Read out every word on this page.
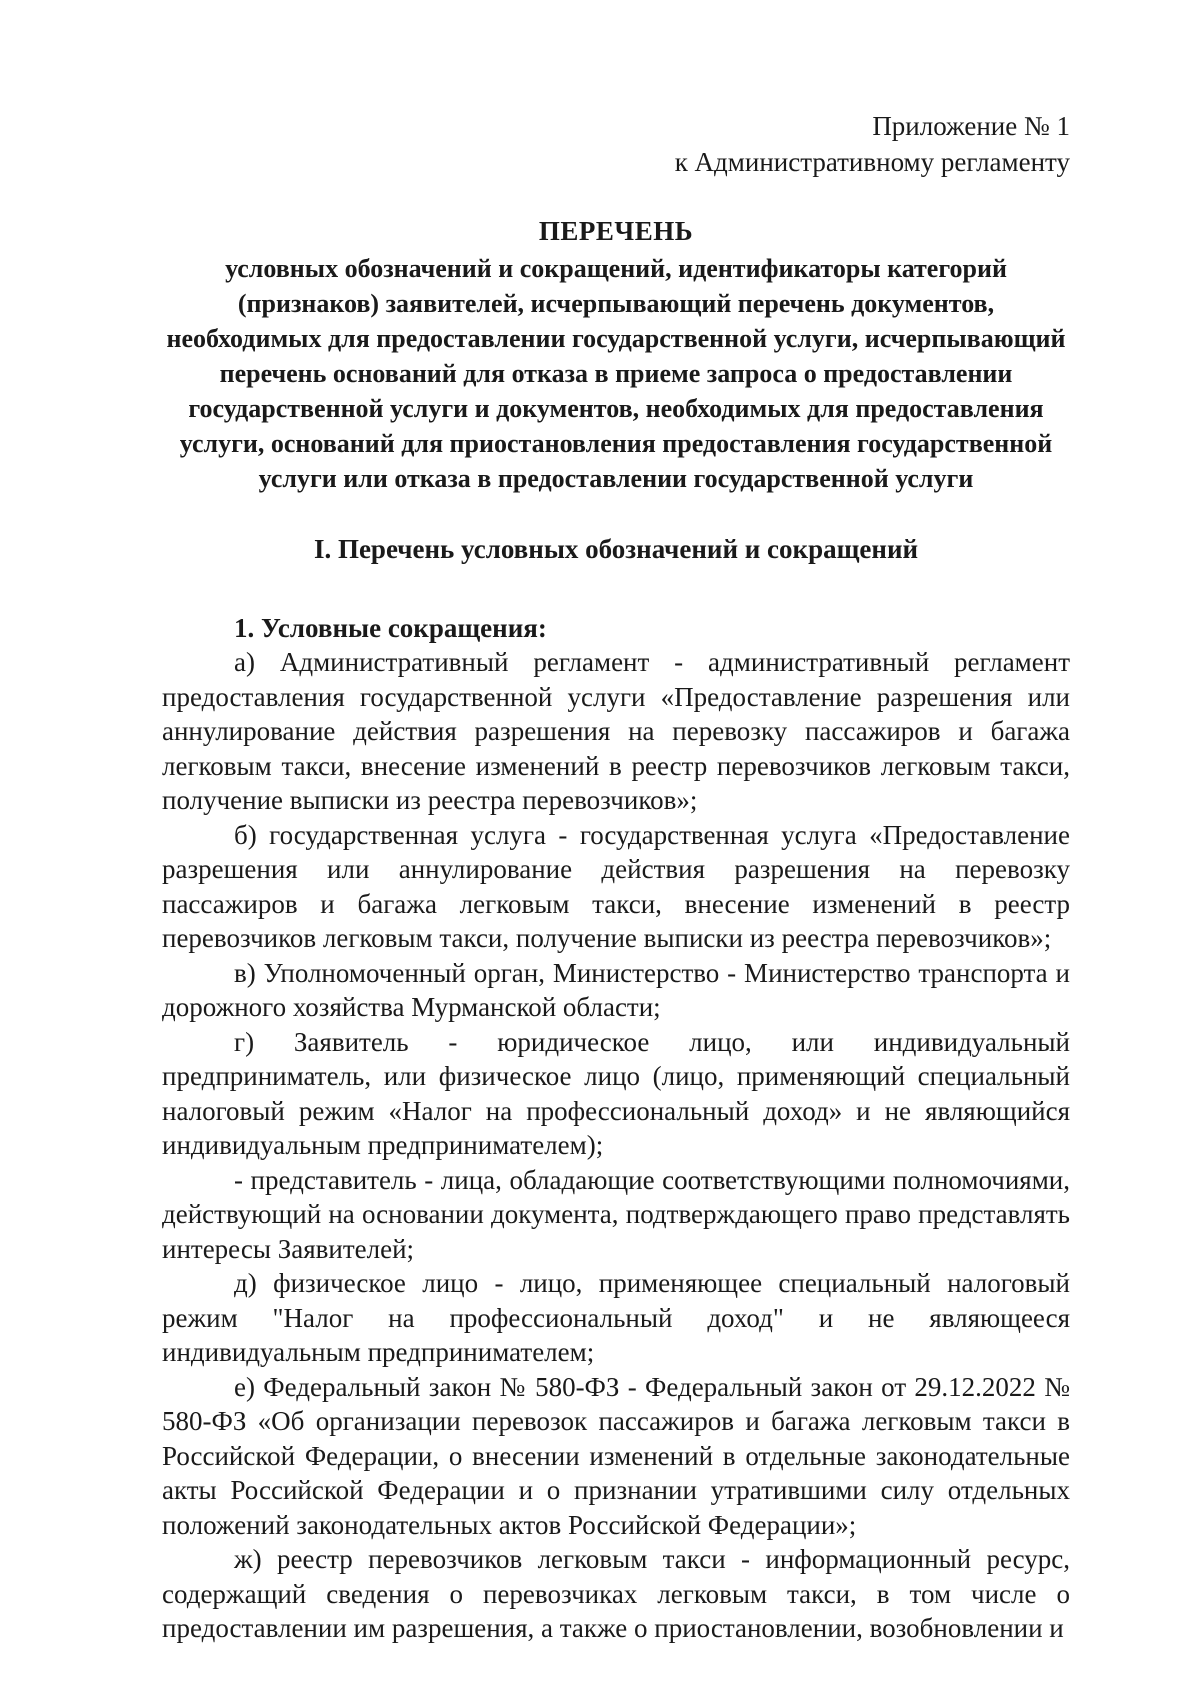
Приложение № 1

к Административному регламенту

ПЕРЕЧЕНЬ

условных обозначений и сокращений, идентификаторы категорий (признаков) заявителей, исчерпывающий перечень документов, необходимых для предоставлении государственной услуги, исчерпывающий перечень оснований для отказа в приеме запроса о предоставлении государственной услуги и документов, необходимых для предоставления услуги, оснований для приостановления предоставления государственной услуги или отказа в предоставлении государственной услуги

I. Перечень условных обозначений и сокращений

1. Условные сокращения:

а) Административный регламент - административный регламент предоставления государственной услуги «Предоставление разрешения или аннулирование действия разрешения на перевозку пассажиров и багажа легковым такси, внесение изменений в реестр перевозчиков легковым такси, получение выписки из реестра перевозчиков»;

б) государственная услуга - государственная услуга «Предоставление разрешения или аннулирование действия разрешения на перевозку пассажиров и багажа легковым такси, внесение изменений в реестр перевозчиков легковым такси, получение выписки из реестра перевозчиков»;

в) Уполномоченный орган, Министерство - Министерство транспорта и дорожного хозяйства Мурманской области;

г) Заявитель - юридическое лицо, или индивидуальный предприниматель, или физическое лицо (лицо, применяющий специальный налоговый режим «Налог на профессиональный доход» и не являющийся индивидуальным предпринимателем);

- представитель - лица, обладающие соответствующими полномочиями, действующий на основании документа, подтверждающего право представлять интересы Заявителей;

д) физическое лицо - лицо, применяющее специальный налоговый режим "Налог на профессиональный доход" и не являющееся индивидуальным предпринимателем;

е) Федеральный закон № 580-ФЗ - Федеральный закон от 29.12.2022 № 580-ФЗ «Об организации перевозок пассажиров и багажа легковым такси в Российской Федерации, о внесении изменений в отдельные законодательные акты Российской Федерации и о признании утратившими силу отдельных положений законодательных актов Российской Федерации»;

ж) реестр перевозчиков легковым такси - информационный ресурс, содержащий сведения о перевозчиках легковым такси, в том числе о предоставлении им разрешения, а также о приостановлении, возобновлении и
